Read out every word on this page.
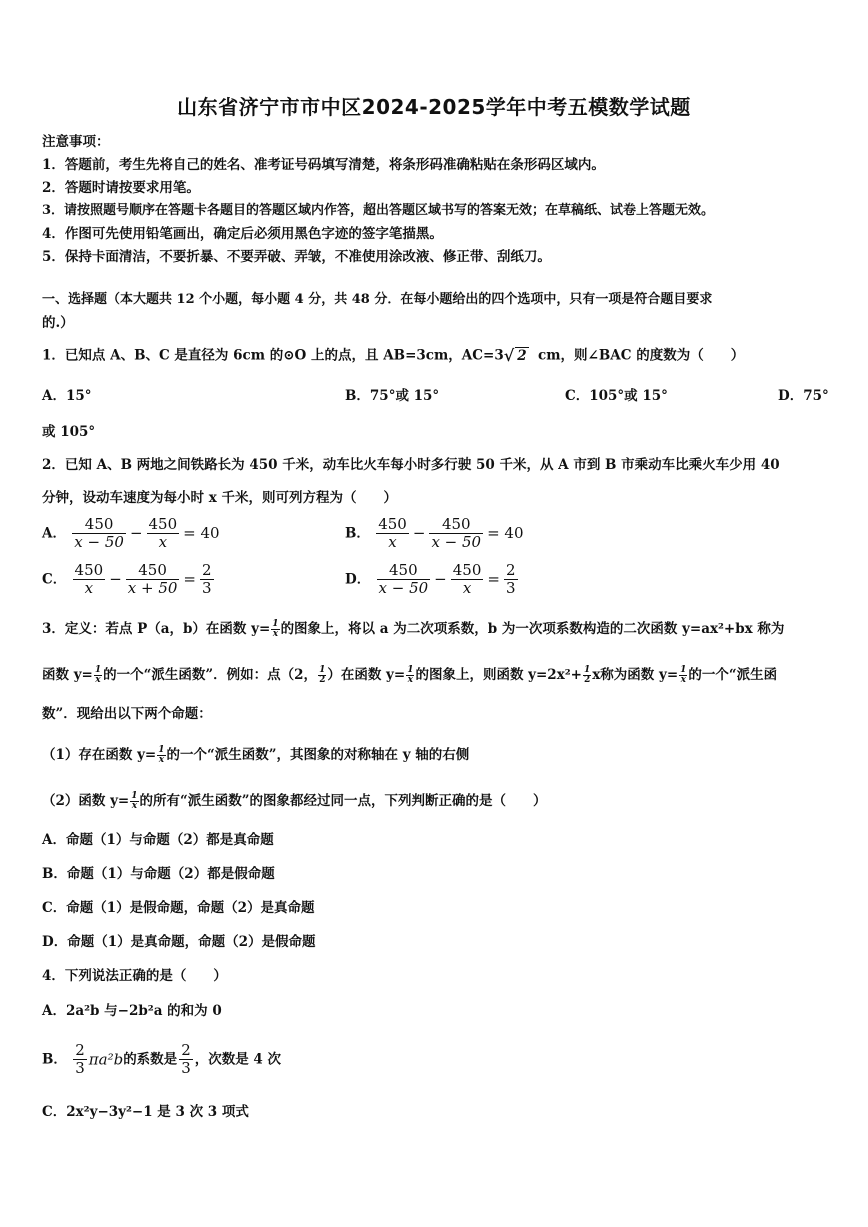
山东省济宁市市中区2024-2025学年中考五模数学试题
注意事项：
1．答题前，考生先将自己的姓名、准考证号码填写清楚，将条形码准确粘贴在条形码区域内。
2．答题时请按要求用笔。
3．请按照题号顺序在答题卡各题目的答题区域内作答，超出答题区域书写的答案无效；在草稿纸、试卷上答题无效。
4．作图可先使用铅笔画出，确定后必须用黑色字迹的签字笔描黑。
5．保持卡面清洁，不要折暴、不要弄破、弄皱，不准使用涂改液、修正带、刮纸刀。
一、选择题（本大题共 12 个小题，每小题 4 分，共 48 分．在每小题给出的四个选项中，只有一项是符合题目要求
的.）
1．已知点 A、B、C 是直径为 6cm 的⊙O 上的点，且 AB=3cm，AC=3√ 2 cm，则∠BAC 的度数为（　　）
A．15°	B．75°或 15°	C．105°或 15°	D．75°
或 105°
2．已知 A、B 两地之间铁路长为 450 千米，动车比火车每小时多行驶 50 千米，从 A 市到 B 市乘动车比乘火车少用 40
分钟，设动车速度为每小时 x 千米，则可列方程为（　　）
A． $\frac{450}{x - 50} - \frac{450}{x} = 40$	B． $\frac{450}{x} - \frac{450}{x - 50} = 40$
C． $\frac{450}{x} - \frac{450}{x + 50} = \frac{2}{3}$	D． $\frac{450}{x - 50} - \frac{450}{x} = \frac{2}{3}$
3．定义：若点 P（a，b）在函数 $y= \frac{1}{x}$ 的图象上，将以 a 为二次项系数，b 为一次项系数构造的二次函数 y=ax²+bx 称为
函数 $y= \frac{1}{x}$ 的一个“派生函数”．例如：点（2， $\frac{1}{2}$ ）在函数 $y= \frac{1}{x}$ 的图象上，则函数 $y=2x^2+ \frac{1}{2}$ x称为函数 $y= \frac{1}{x}$ 的一个“派生函
数”．现给出以下两个命题：
（1）存在函数 $y= \frac{1}{x}$ 的一个“派生函数”，其图象的对称轴在 y 轴的右侧
（2）函数 $y= \frac{1}{x}$ 的所有“派生函数”的图象都经过同一点，下列判断正确的是（　　）
A．命题（1）与命题（2）都是真命题
B．命题（1）与命题（2）都是假命题
C．命题（1）是假命题，命题（2）是真命题
D．命题（1）是真命题，命题（2）是假命题
4．下列说法正确的是（　　）
A．2a²b 与−2b²a 的和为 0
B． $\frac{2}{3} \pi a^2b$的系数是 $\frac{2}{3}$ ，次数是 4 次
C．2x²y−3y²−1 是 3 次 3 项式
